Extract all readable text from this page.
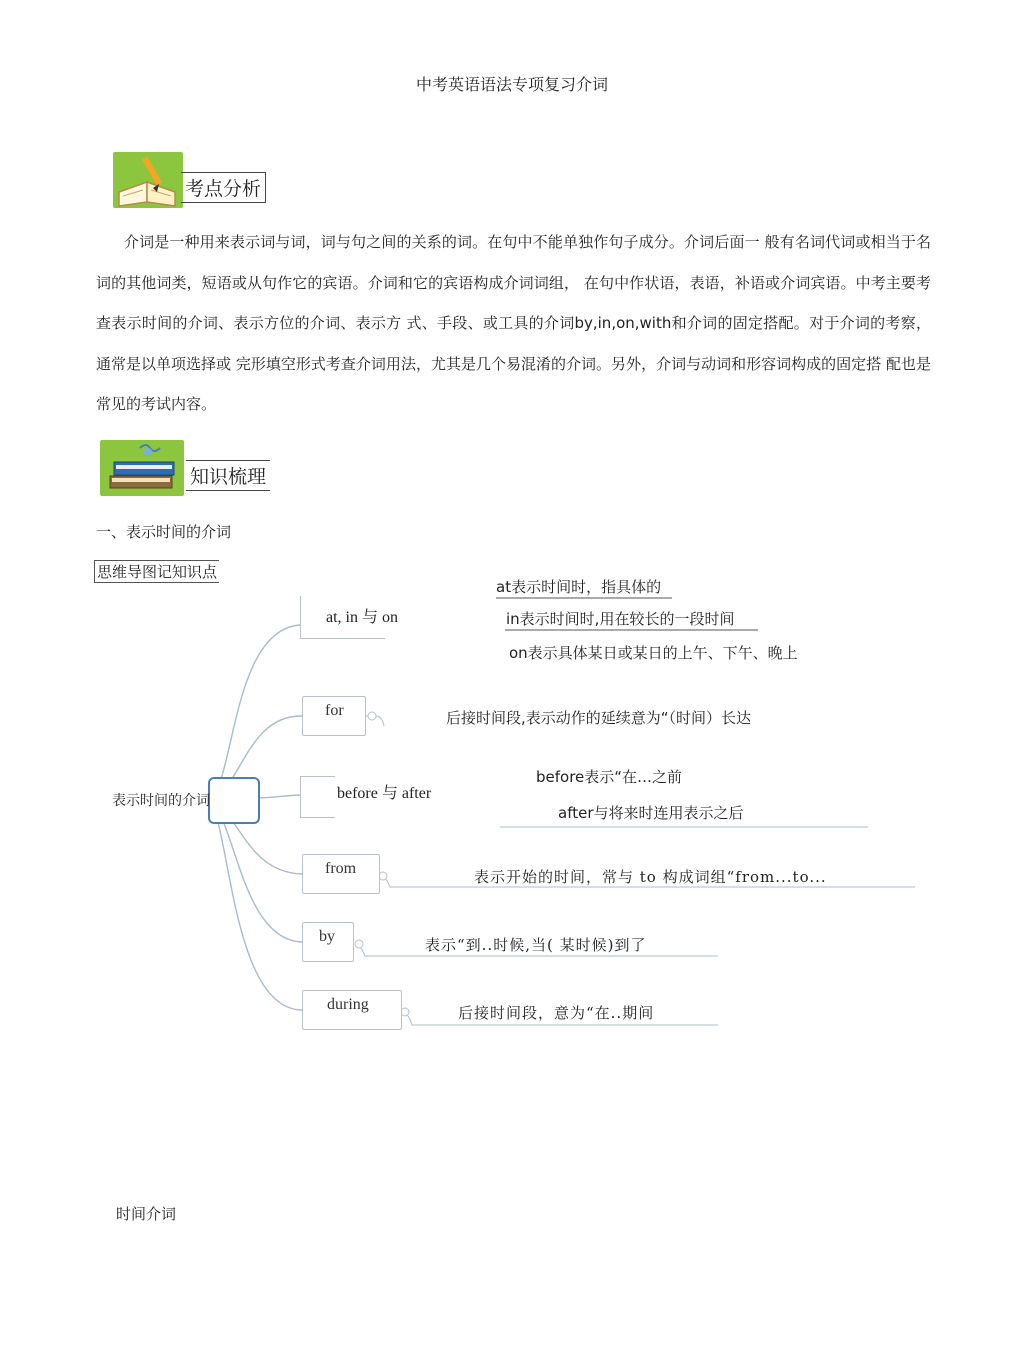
中考英语语法专项复习介词
考点分析
介词是一种用来表示词与词，词与句之间的关系的词。在句中不能单独作句子成分。介词后面一 般有名词代词或相当于名词的其他词类，短语或从句作它的宾语。介词和它的宾语构成介词词组， 在句中作状语，表语，补语或介词宾语。中考主要考查表示时间的介词、表示方位的介词、表示方 式、手段、或工具的介词by,in,on,with和介词的固定搭配。对于介词的考察，通常是以单项选择或 完形填空形式考查介词用法，尤其是几个易混淆的介词。另外，介词与动词和形容词构成的固定搭 配也是常见的考试内容。
知识梳理
一、表示时间的介词
思维导图记知识点
at, in 与 on
for
before 与 after
from
by
during
表示时间的介词
at表示时间时，指具体的
in表示时间时,用在较长的一段时间
on表示具体某日或某日的上午、下午、晚上
后接时间段,表示动作的延续意为“（时间）长达
before表示“在…之前
after与将来时连用表示之后
表示开始的时间，常与 to 构成词组“from...to...
表示“到..时候,当( 某时候)到了
后接时间段，意为“在..期间
时间介词
